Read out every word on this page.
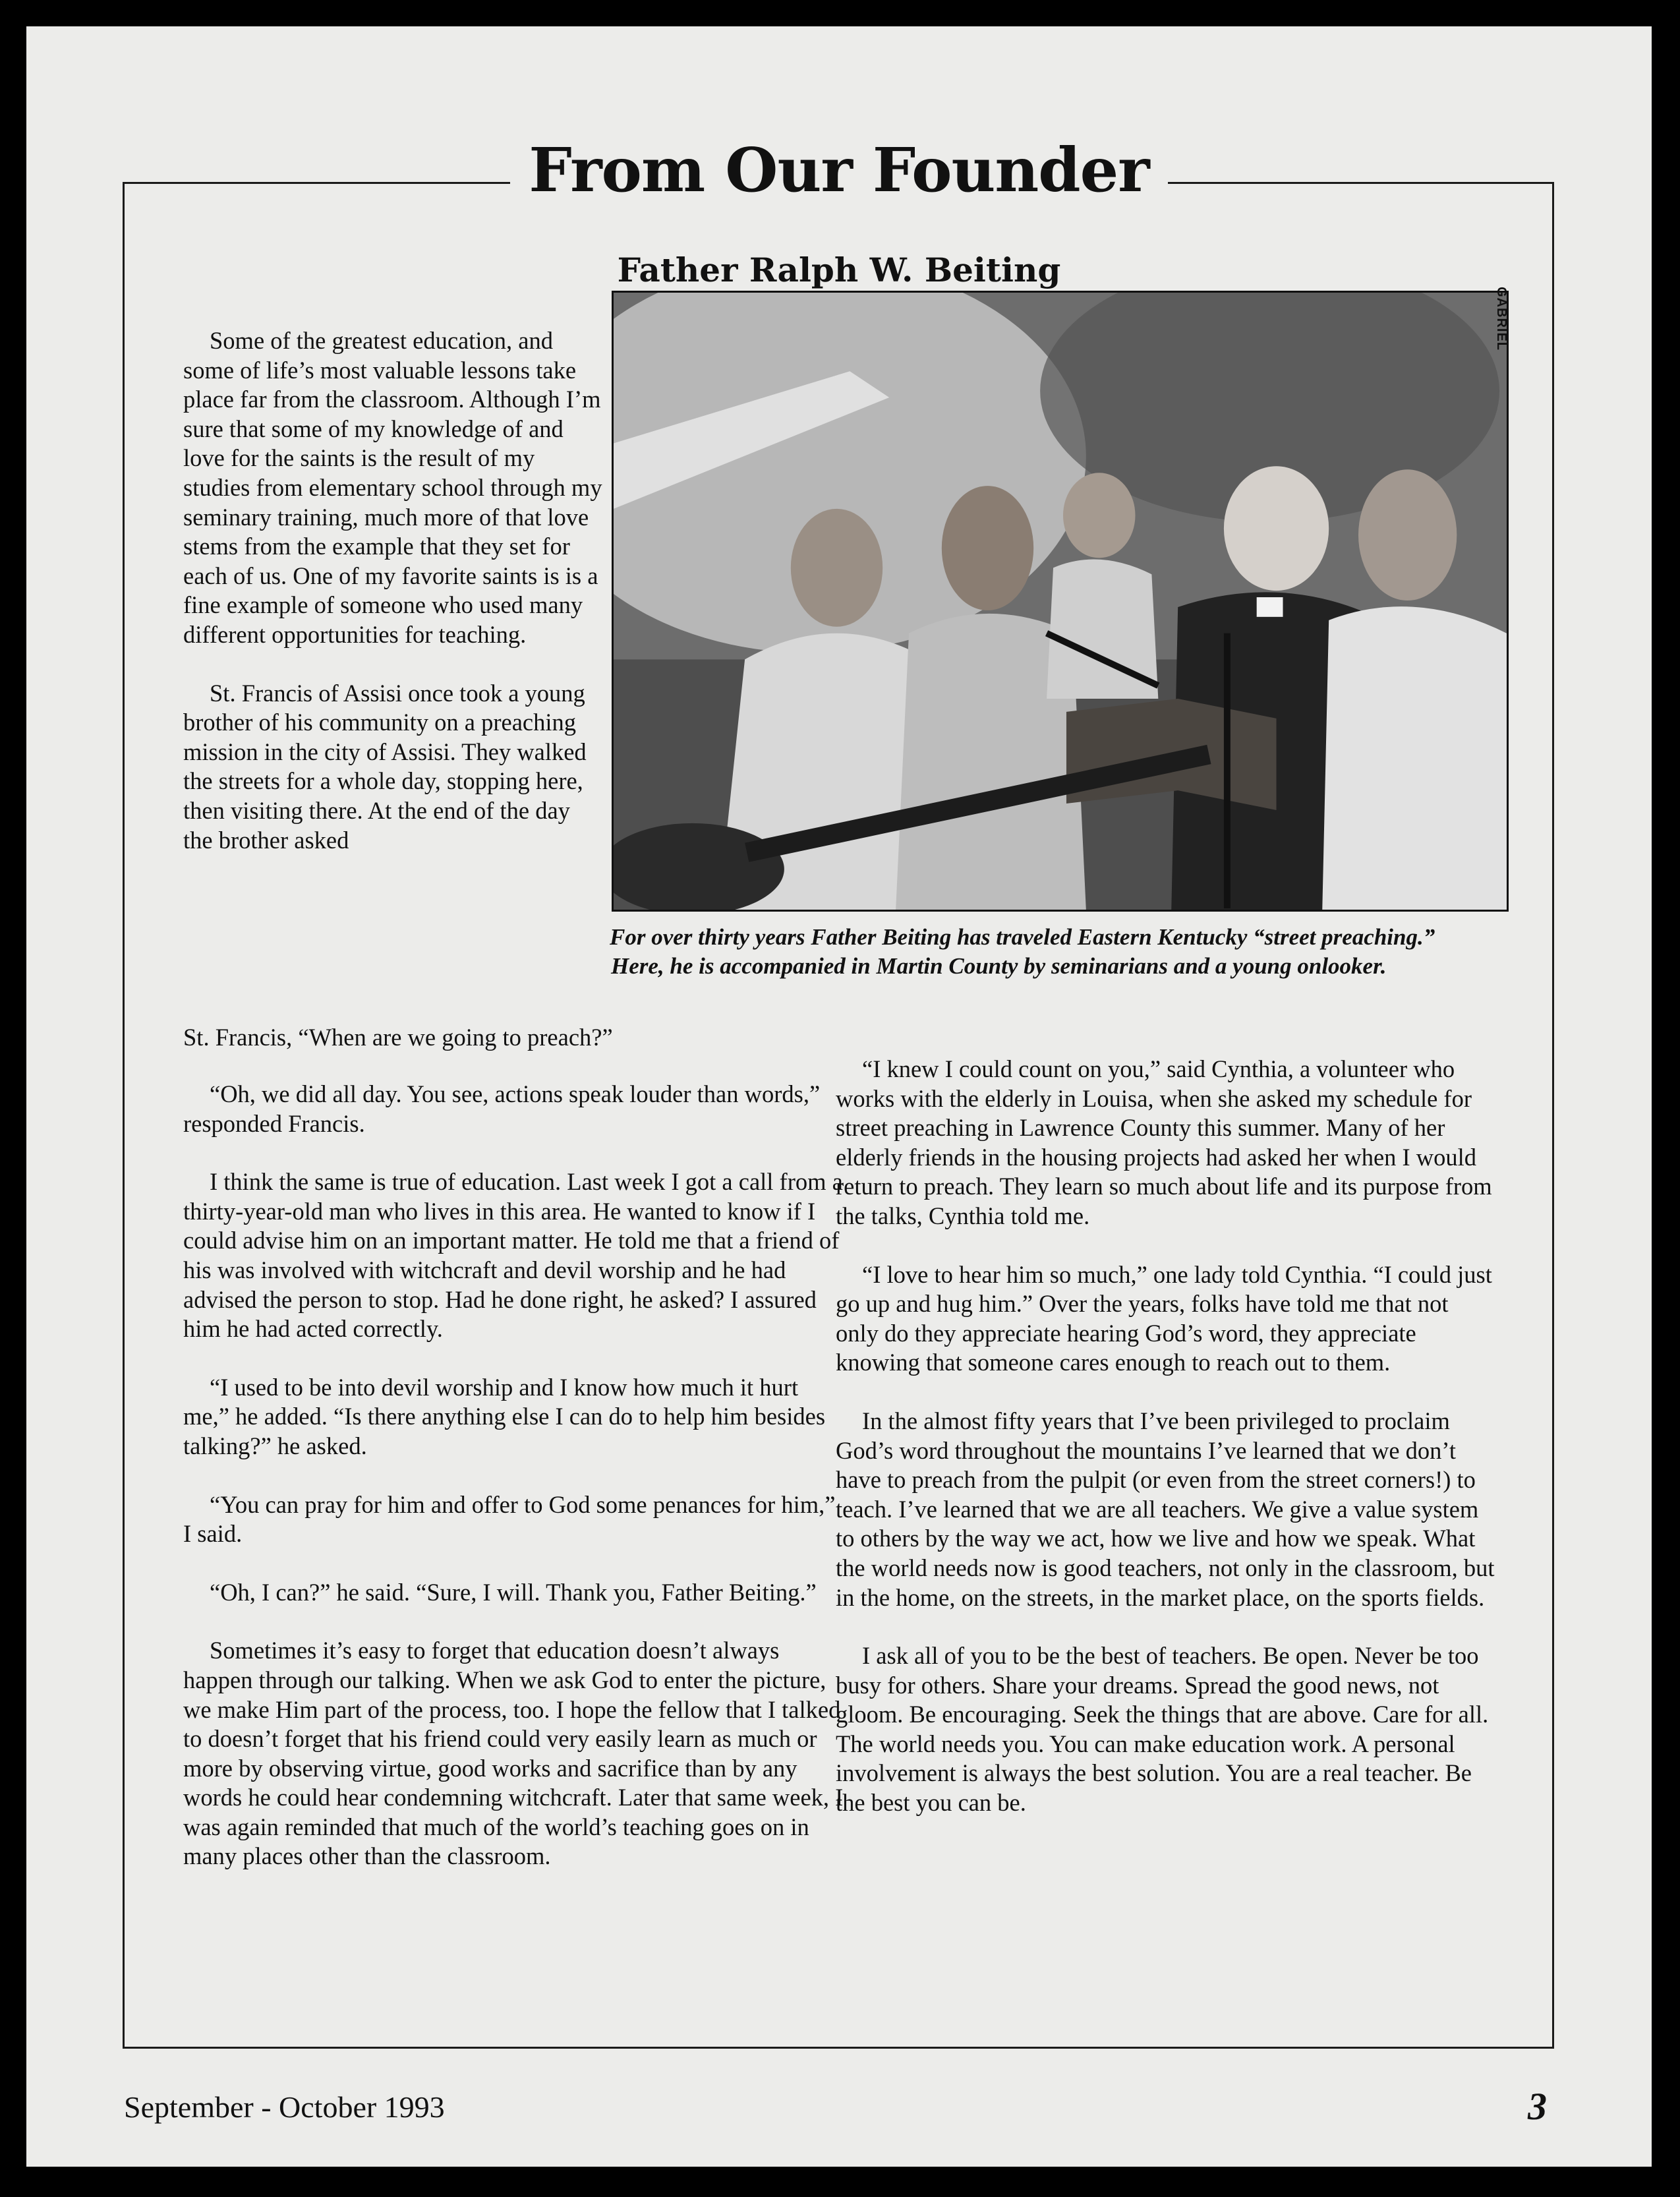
From Our Founder
Father Ralph W. Beiting
GABRIEL
For over thirty years Father Beiting has traveled Eastern Kentucky “street preaching.”
Here, he is accompanied in Martin County by seminarians and a young onlooker.

Some of the greatest education, and some of life’s most valuable lessons take place far from the classroom. Although I’m sure that some of my knowledge of and love for the saints is the result of my studies from elementary school through my seminary training, much more of that love stems from the example that they set for each of us. One of my favorite saints is is a fine example of someone who used many different opportunities for teaching.

St. Francis of Assisi once took a young brother of his community on a preaching mission in the city of Assisi. They walked the streets for a whole day, stopping here, then visiting there. At the end of the day the brother asked

St. Francis, “When are we going to preach?”

“Oh, we did all day. You see, actions speak louder than words,” responded Francis.

I think the same is true of education. Last week I got a call from a thirty-year-old man who lives in this area. He wanted to know if I could advise him on an important matter. He told me that a friend of his was involved with witchcraft and devil worship and he had advised the person to stop. Had he done right, he asked? I assured him he had acted correctly.

“I used to be into devil worship and I know how much it hurt me,” he added. “Is there anything else I can do to help him besides talking?” he asked.

“You can pray for him and offer to God some penances for him,” I said.

“Oh, I can?” he said. “Sure, I will. Thank you, Father Beiting.”

Sometimes it’s easy to forget that education doesn’t always happen through our talking. When we ask God to enter the picture, we make Him part of the process, too. I hope the fellow that I talked to doesn’t forget that his friend could very easily learn as much or more by observing virtue, good works and sacrifice than by any words he could hear condemning witchcraft. Later that same week, I was again reminded that much of the world’s teaching goes on in many places other than the classroom.

“I knew I could count on you,” said Cynthia, a volunteer who works with the elderly in Louisa, when she asked my schedule for street preaching in Lawrence County this summer. Many of her elderly friends in the housing projects had asked her when I would return to preach. They learn so much about life and its purpose from the talks, Cynthia told me.

“I love to hear him so much,” one lady told Cynthia. “I could just go up and hug him.” Over the years, folks have told me that not only do they appreciate hearing God’s word, they appreciate knowing that someone cares enough to reach out to them.

In the almost fifty years that I’ve been privileged to proclaim God’s word throughout the mountains I’ve learned that we don’t have to preach from the pulpit (or even from the street corners!) to teach. I’ve learned that we are all teachers. We give a value system to others by the way we act, how we live and how we speak. What the world needs now is good teachers, not only in the classroom, but in the home, on the streets, in the market place, on the sports fields.

I ask all of you to be the best of teachers. Be open. Never be too busy for others. Share your dreams. Spread the good news, not gloom. Be encouraging. Seek the things that are above. Care for all. The world needs you. You can make education work. A personal involvement is always the best solution. You are a real teacher. Be the best you can be.

September - October 1993	3
